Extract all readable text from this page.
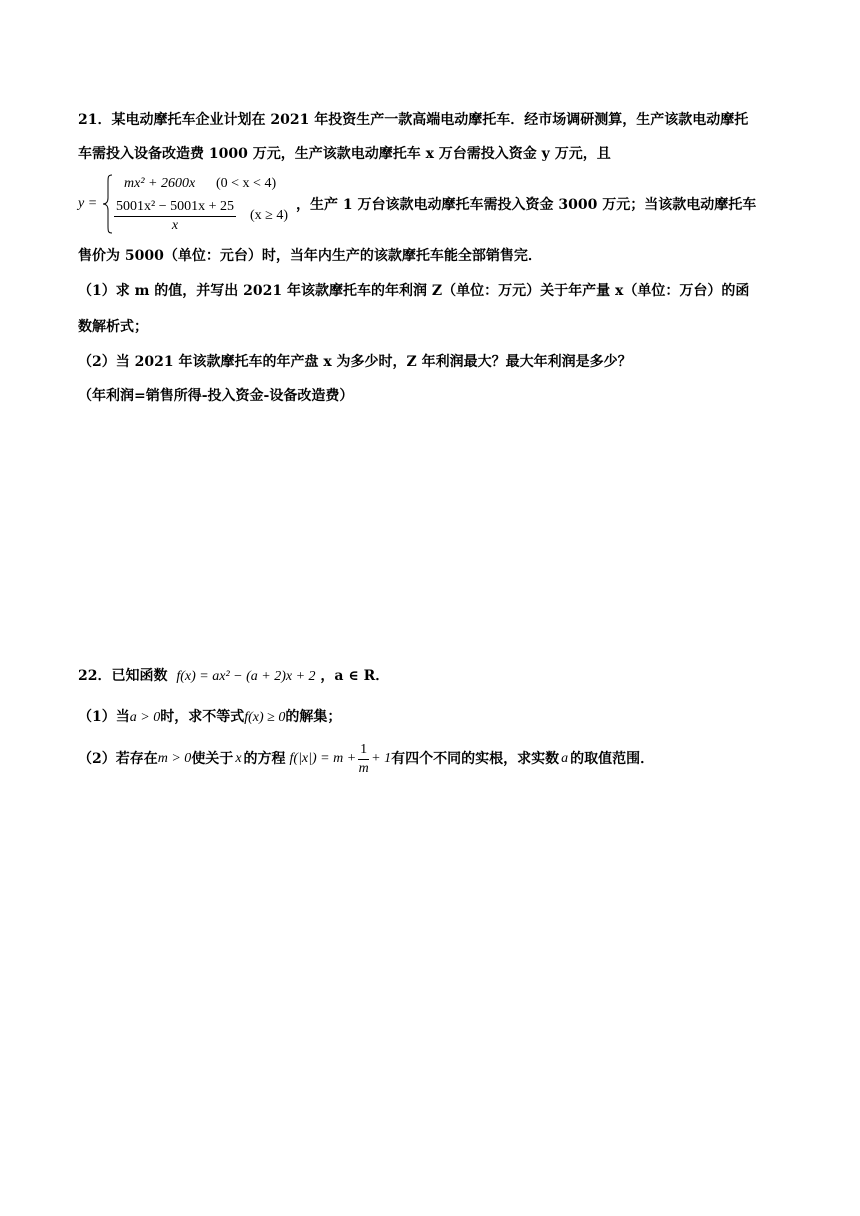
21．某电动摩托车企业计划在 2021 年投资生产一款高端电动摩托车．经市场调研测算，生产该款电动摩托
车需投入设备改造费 1000 万元，生产该款电动摩托车 x 万台需投入资金 y 万元，且
y =
mx² + 2600x (0 < x < 4)
$\frac{\text{5001x² − 5001x + 25}}{x} (x \ge 4)$
，生产 1 万台该款电动摩托车需投入资金 3000 万元；当该款电动摩托车
售价为 5000（单位：元台）时，当年内生产的该款摩托车能全部销售完．
（1）求 m 的值，并写出 2021 年该款摩托车的年利润 Z（单位：万元）关于年产量 x（单位：万台）的函
数解析式；
（2）当 2021 年该款摩托车的年产盘 x 为多少时，Z 年利润最大？最大年利润是多少？
（年利润=销售所得-投入资金-设备改造费）
22．已知函数 f(x) = ax² − (a + 2)x + 2 ，a ∈ R．
（1）当a > 0时，求不等式f(x) ≥ 0的解集；
（2）若存在 m > 0 使关于 x 的方程 $f(|x|) = m + \frac{1}{m} + 1$ 有四个不同的实根，求实数 a 的取值范围．
